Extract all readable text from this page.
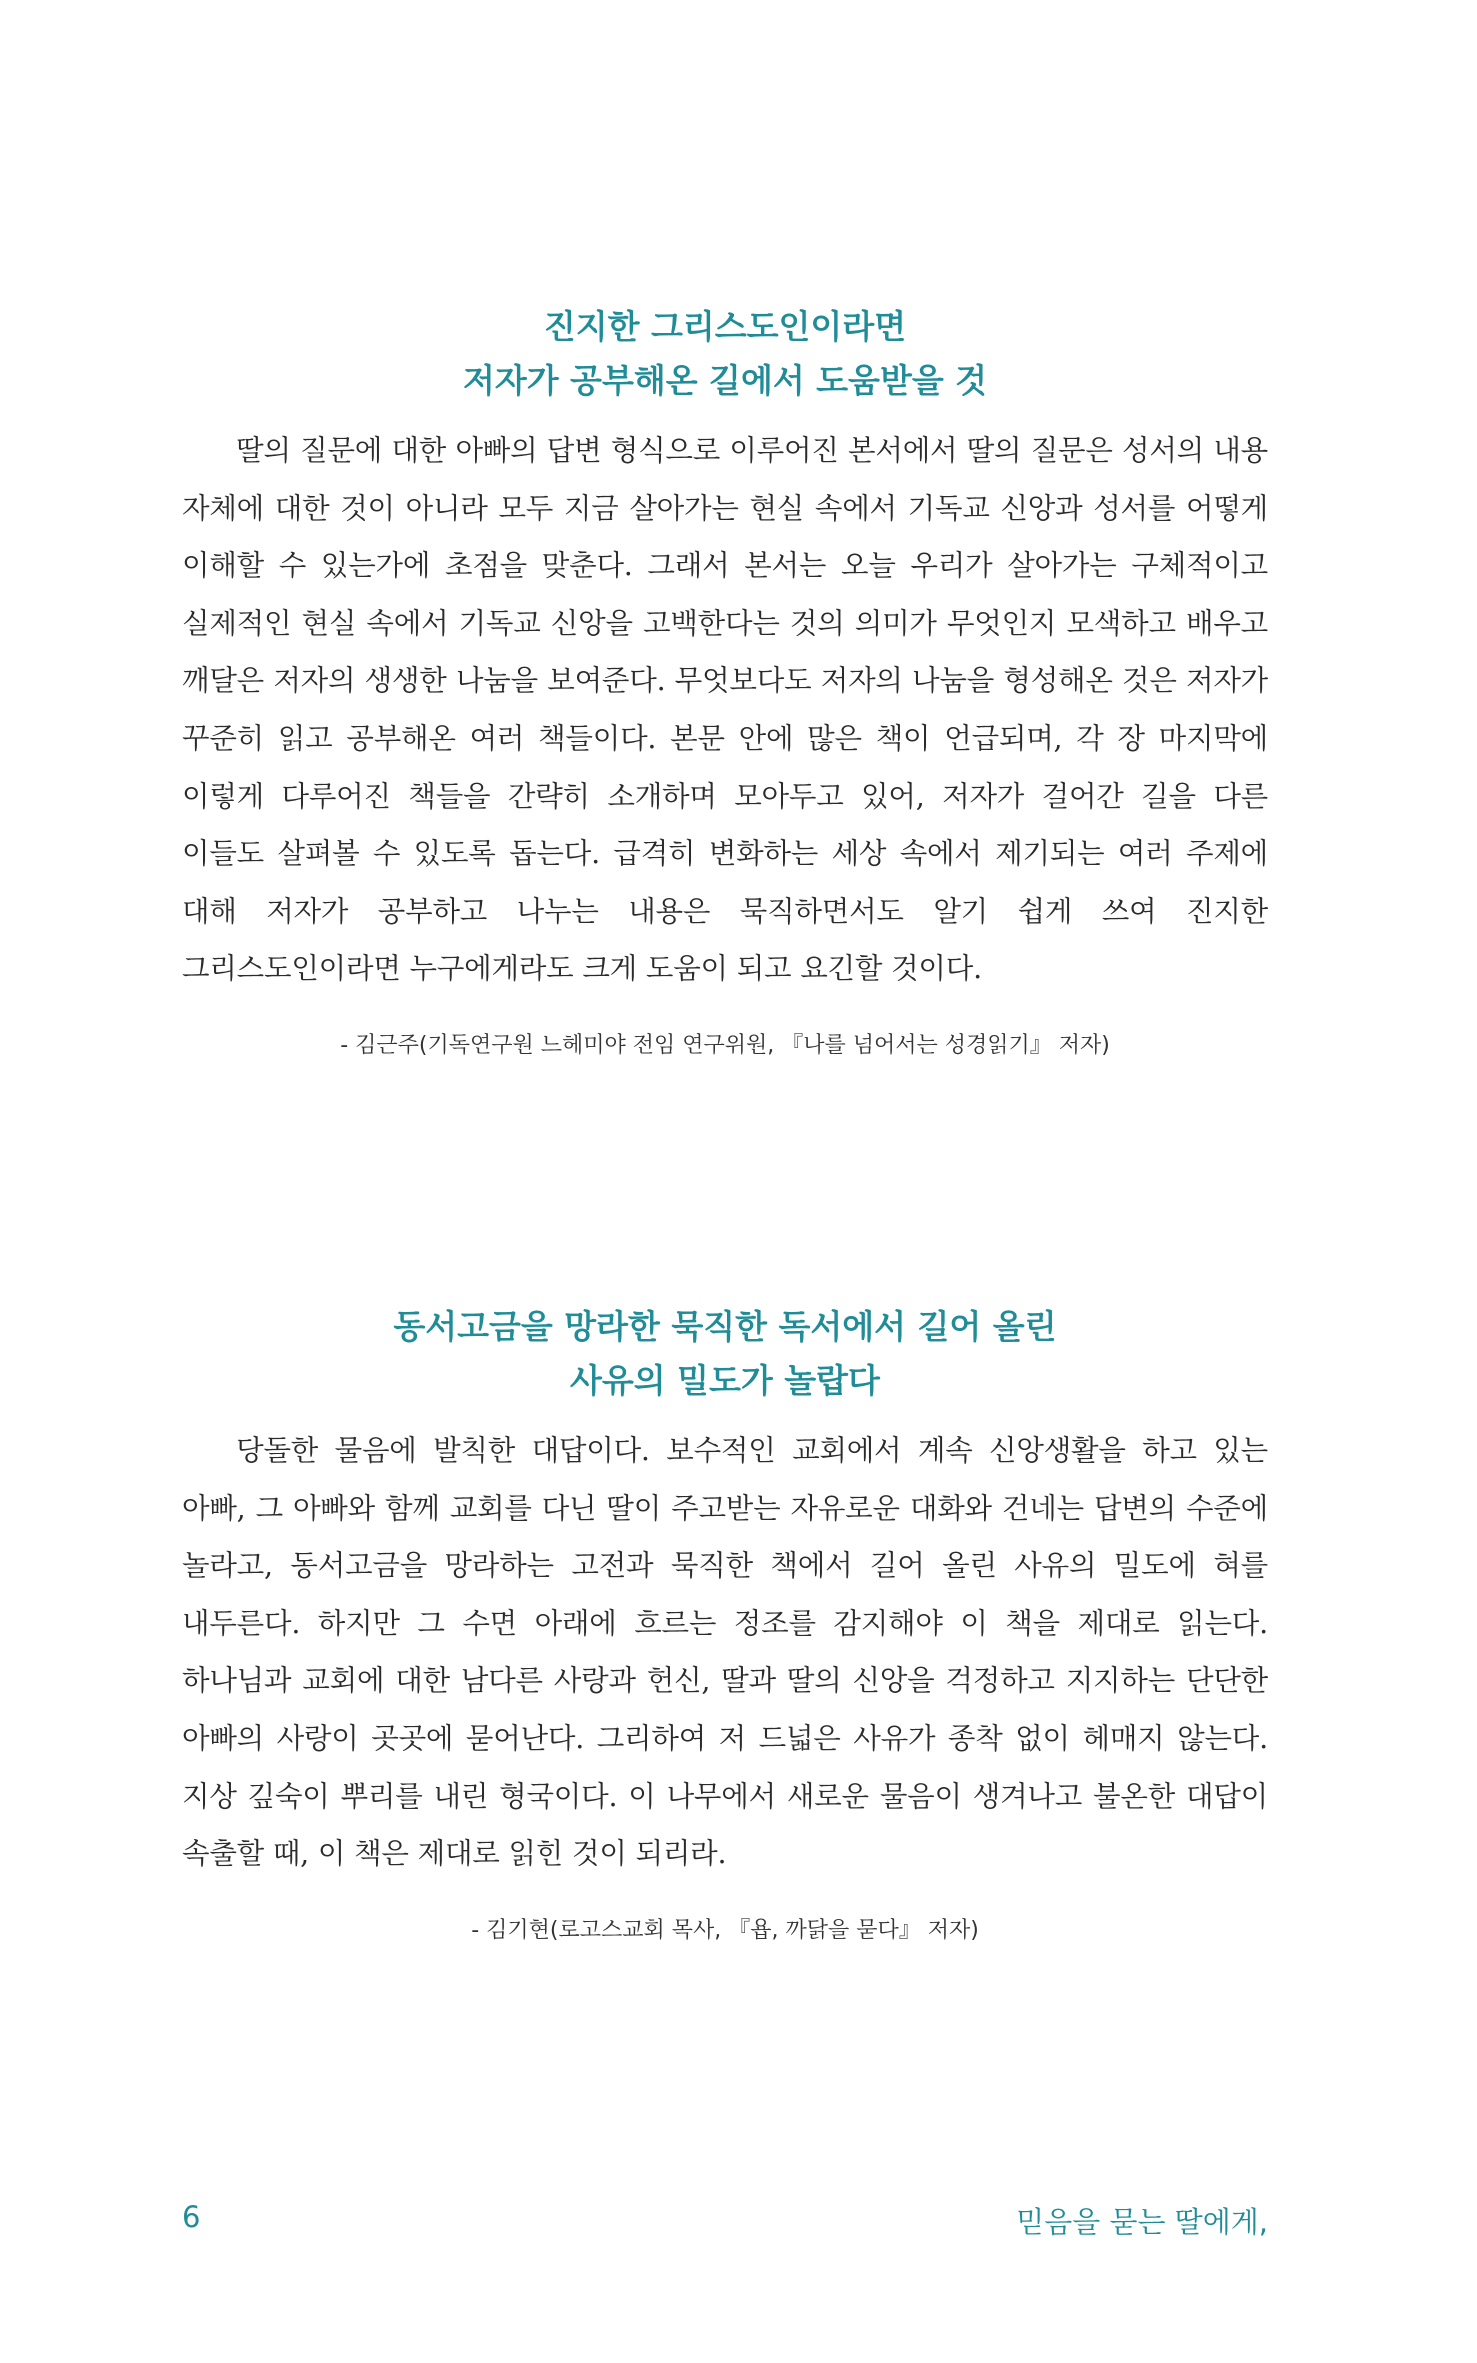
진지한 그리스도인이라면
저자가 공부해온 길에서 도움받을 것

딸의 질문에 대한 아빠의 답변 형식으로 이루어진 본서에서 딸의 질문은 성서의 내용 자체에 대한 것이 아니라 모두 지금 살아가는 현실 속에서 기독교 신앙과 성서를 어떻게 이해할 수 있는가에 초점을 맞춘다. 그래서 본서는 오늘 우리가 살아가는 구체적이고 실제적인 현실 속에서 기독교 신앙을 고백한다는 것의 의미가 무엇인지 모색하고 배우고 깨달은 저자의 생생한 나눔을 보여준다. 무엇보다도 저자의 나눔을 형성해온 것은 저자가 꾸준히 읽고 공부해온 여러 책들이다. 본문 안에 많은 책이 언급되며, 각 장 마지막에 이렇게 다루어진 책들을 간략히 소개하며 모아두고 있어, 저자가 걸어간 길을 다른 이들도 살펴볼 수 있도록 돕는다. 급격히 변화하는 세상 속에서 제기되는 여러 주제에 대해 저자가 공부하고 나누는 내용은 묵직하면서도 알기 쉽게 쓰여 진지한 그리스도인이라면 누구에게라도 크게 도움이 되고 요긴할 것이다.

- 김근주(기독연구원 느헤미야 전임 연구위원, 『나를 넘어서는 성경읽기』 저자)
동서고금을 망라한 묵직한 독서에서 길어 올린
사유의 밀도가 놀랍다

당돌한 물음에 발칙한 대답이다. 보수적인 교회에서 계속 신앙생활을 하고 있는 아빠, 그 아빠와 함께 교회를 다닌 딸이 주고받는 자유로운 대화와 건네는 답변의 수준에 놀라고, 동서고금을 망라하는 고전과 묵직한 책에서 길어 올린 사유의 밀도에 혀를 내두른다. 하지만 그 수면 아래에 흐르는 정조를 감지해야 이 책을 제대로 읽는다. 하나님과 교회에 대한 남다른 사랑과 헌신, 딸과 딸의 신앙을 걱정하고 지지하는 단단한 아빠의 사랑이 곳곳에 묻어난다. 그리하여 저 드넓은 사유가 종착 없이 헤매지 않는다. 지상 깊숙이 뿌리를 내린 형국이다. 이 나무에서 새로운 물음이 생겨나고 불온한 대답이 속출할 때, 이 책은 제대로 읽힌 것이 되리라.

- 김기현(로고스교회 목사, 『욥, 까닭을 묻다』 저자)
6	믿음을 묻는 딸에게,
